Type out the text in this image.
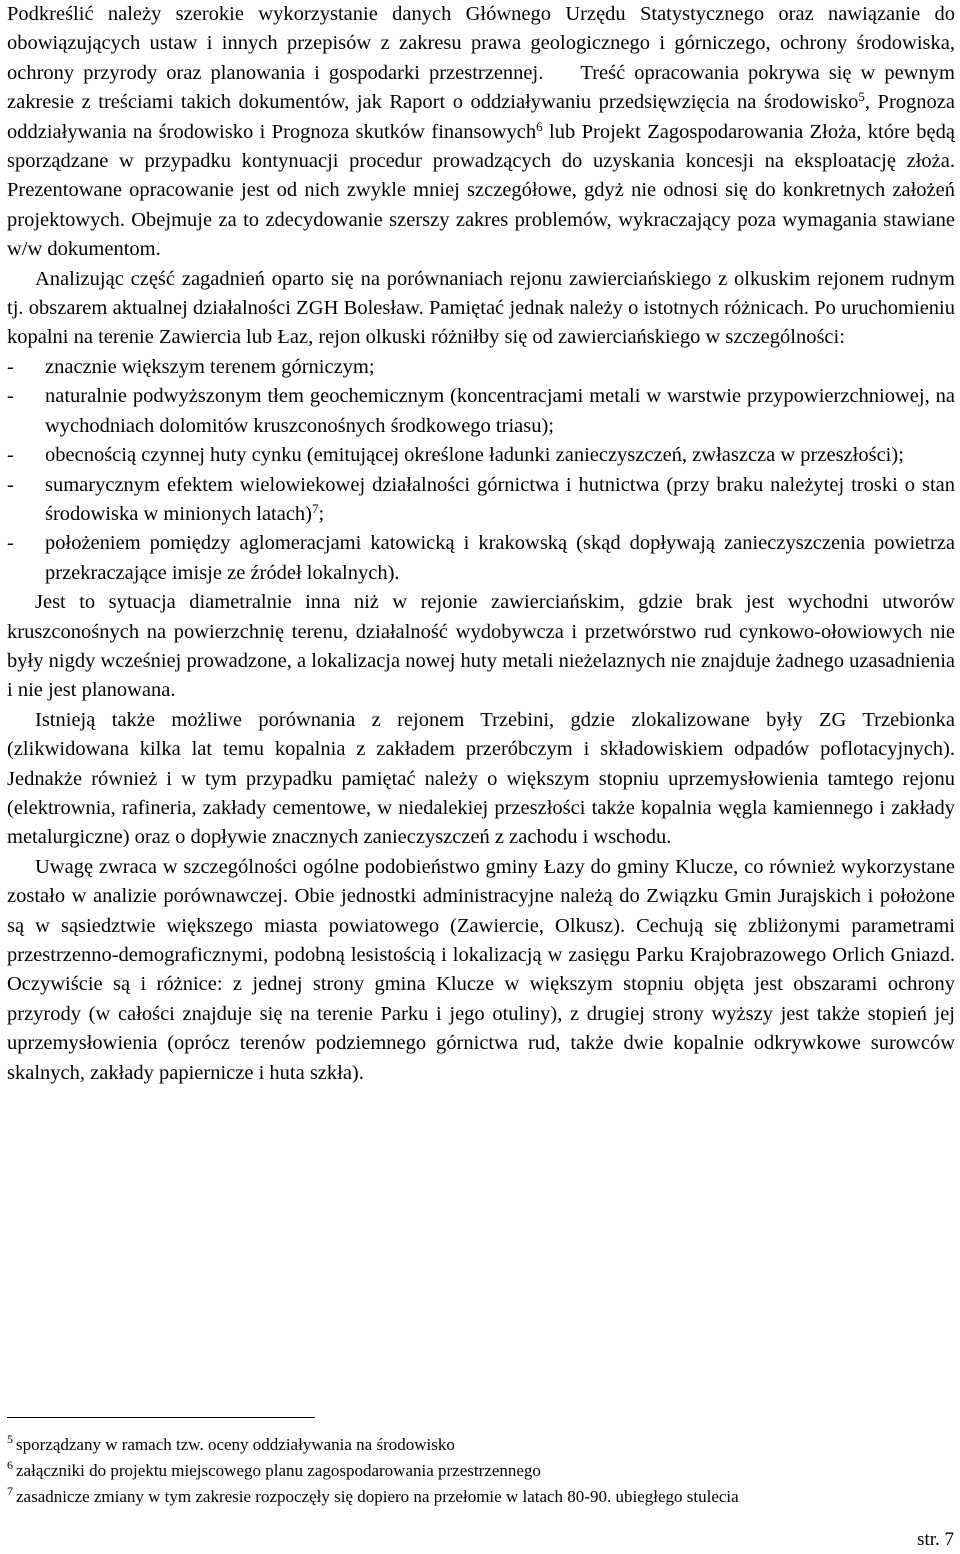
Podkreślić należy szerokie wykorzystanie danych Głównego Urzędu Statystycznego oraz nawiązanie do obowiązujących ustaw i innych przepisów z zakresu prawa geologicznego i górniczego, ochrony środowiska, ochrony przyrody oraz planowania i gospodarki przestrzennej. Treść opracowania pokrywa się w pewnym zakresie z treściami takich dokumentów, jak Raport o oddziaływaniu przedsięwzięcia na środowisko$^5$, Prognoza oddziaływania na środowisko i Prognoza skutków finansowych$^6$ lub Projekt Zagospodarowania Złoża, które będą sporządzane w przypadku kontynuacji procedur prowadzących do uzyskania koncesji na eksploatację złoża. Prezentowane opracowanie jest od nich zwykle mniej szczegółowe, gdyż nie odnosi się do konkretnych założeń projektowych. Obejmuje za to zdecydowanie szerszy zakres problemów, wykraczający poza wymagania stawiane w/w dokumentom.

Analizując część zagadnień oparto się na porównaniach rejonu zawierciańskiego z olkuskim rejonem rudnym tj. obszarem aktualnej działalności ZGH Bolesław. Pamiętać jednak należy o istotnych różnicach. Po uruchomieniu kopalni na terenie Zawiercia lub Łaz, rejon olkuski różniłby się od zawierciańskiego w szczególności:

- znacznie większym terenem górniczym;
- naturalnie podwyższonym tłem geochemicznym (koncentracjami metali w warstwie przypowierzchniowej, na wychodniach dolomitów kruszconośnych środkowego triasu);
- obecnością czynnej huty cynku (emitującej określone ładunki zanieczyszczeń, zwłaszcza w przeszłości);
- sumarycznym efektem wielowiekowej działalności górnictwa i hutnictwa (przy braku należytej troski o stan środowiska w minionych latach)$^7$;
- położeniem pomiędzy aglomeracjami katowicką i krakowską (skąd dopływają zanieczyszczenia powietrza przekraczające imisje ze źródeł lokalnych).

Jest to sytuacja diametralnie inna niż w rejonie zawierciańskim, gdzie brak jest wychodni utworów kruszconośnych na powierzchnię terenu, działalność wydobywcza i przetwórstwo rud cynkowo-ołowiowych nie były nigdy wcześniej prowadzone, a lokalizacja nowej huty metali nieżelaznych nie znajduje żadnego uzasadnienia i nie jest planowana.

Istnieją także możliwe porównania z rejonem Trzebini, gdzie zlokalizowane były ZG Trzebionka (zlikwidowana kilka lat temu kopalnia z zakładem przeróbczym i składowiskiem odpadów poflotacyjnych). Jednakże również i w tym przypadku pamiętać należy o większym stopniu uprzemysłowienia tamtego rejonu (elektrownia, rafineria, zakłady cementowe, w niedalekiej przeszłości także kopalnia węgla kamiennego i zakłady metalurgiczne) oraz o dopływie znacznych zanieczyszczeń z zachodu i wschodu.

Uwagę zwraca w szczególności ogólne podobieństwo gminy Łazy do gminy Klucze, co również wykorzystane zostało w analizie porównawczej. Obie jednostki administracyjne należą do Związku Gmin Jurajskich i położone są w sąsiedztwie większego miasta powiatowego (Zawiercie, Olkusz). Cechują się zbliżonymi parametrami przestrzenno-demograficznymi, podobną lesistością i lokalizacją w zasięgu Parku Krajobrazowego Orlich Gniazd. Oczywiście są i różnice: z jednej strony gmina Klucze w większym stopniu objęta jest obszarami ochrony przyrody (w całości znajduje się na terenie Parku i jego otuliny), z drugiej strony wyższy jest także stopień jej uprzemysłowienia (oprócz terenów podziemnego górnictwa rud, także dwie kopalnie odkrywkowe surowców skalnych, zakłady papiernicze i huta szkła).

$^5$ sporządzany w ramach tzw. oceny oddziaływania na środowisko
$^6$ załączniki do projektu miejscowego planu zagospodarowania przestrzennego
$^7$ zasadnicze zmiany w tym zakresie rozpoczęły się dopiero na przełomie w latach 80-90. ubiegłego stulecia
str. 7
